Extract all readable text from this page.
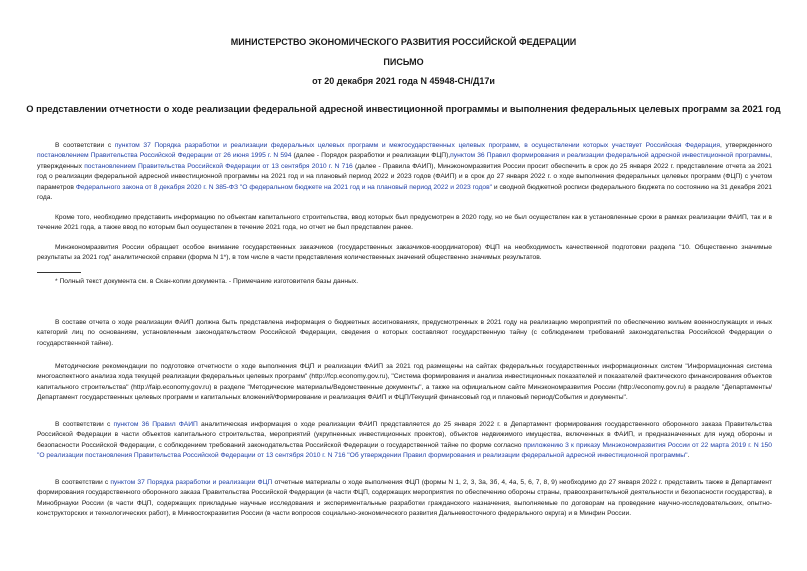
МИНИСТЕРСТВО ЭКОНОМИЧЕСКОГО РАЗВИТИЯ РОССИЙСКОЙ ФЕДЕРАЦИИ
ПИСЬМО
от 20 декабря 2021 года N 45948-СН/Д17и
О представлении отчетности о ходе реализации федеральной адресной инвестиционной программы и выполнения федеральных целевых программ за 2021 год

В соответствии с пунктом 37 Порядка разработки и реализации федеральных целевых программ и межгосударственных целевых программ, в осуществлении которых участвует Российская Федерация, утвержденного постановлением Правительства Российской Федерации от 26 июня 1995 г. N 594 (далее - Порядок разработки и реализации ФЦП),пунктом 36 Правил формирования и реализации федеральной адресной инвестиционной программы, утвержденных постановлением Правительства Российской Федерации от 13 сентября 2010 г. N 716 (далее - Правила ФАИП), Минэкономразвития России просит обеспечить в срок до 25 января 2022 г. представление отчета за 2021 год о реализации федеральной адресной инвестиционной программы на 2021 год и на плановый период 2022 и 2023 годов (ФАИП) и в срок до 27 января 2022 г. о ходе выполнения федеральных целевых программ (ФЦП) с учетом параметров Федерального закона от 8 декабря 2020 г. N 385-ФЗ "О федеральном бюджете на 2021 год и на плановый период 2022 и 2023 годов" и сводной бюджетной росписи федерального бюджета по состоянию на 31 декабря 2021 года.

Кроме того, необходимо представить информацию по объектам капитального строительства, ввод которых был предусмотрен в 2020 году, но не был осуществлен как в установленные сроки в рамках реализации ФАИП, так и в течение 2021 года, а также ввод по которым был осуществлен в течение 2021 года, но отчет не был представлен ранее.

Минэкономразвития России обращает особое внимание государственных заказчиков (государственных заказчиков-координаторов) ФЦП на необходимость качественной подготовки раздела "10. Общественно значимые результаты за 2021 год" аналитической справки (форма N 1*), в том числе в части представления количественных значений общественно значимых результатов.

* Полный текст документа см. в Скан-копии документа. - Примечание изготовителя базы данных.

В составе отчета о ходе реализации ФАИП должна быть представлена информация о бюджетных ассигнованиях, предусмотренных в 2021 году на реализацию мероприятий по обеспечению жильем военнослужащих и иных категорий лиц по основаниям, установленным законодательством Российской Федерации, сведения о которых составляют государственную тайну (с соблюдением требований законодательства Российской Федерации о государственной тайне).

Методические рекомендации по подготовке отчетности о ходе выполнения ФЦП и реализации ФАИП за 2021 год размещены на сайтах федеральных государственных информационных систем "Информационная система многоаспектного анализа хода текущей реализации федеральных целевых программ" (http://fcp.economy.gov.ru), "Система формирования и анализа инвестиционных показателей и показателей фактического финансирования объектов капитального строительства" (http://faip.economy.gov.ru) в разделе "Методические материалы/Ведомственные документы", а также на официальном сайте Минэкономразвития России (http://economy.gov.ru) в разделе "Департаменты/Департамент государственных целевых программ и капитальных вложений/Формирование и реализация ФАИП и ФЦП/Текущий финансовый год и плановый период/События и документы".

В соответствии с пунктом 36 Правил ФАИП аналитическая информация о ходе реализации ФАИП представляется до 25 января 2022 г. в Департамент формирования государственного оборонного заказа Правительства Российской Федерации в части объектов капитального строительства, мероприятий (укрупненных инвестиционных проектов), объектов недвижимого имущества, включенных в ФАИП, и предназначенных для нужд обороны и безопасности Российской Федерации, с соблюдением требований законодательства Российской Федерации о государственной тайне по форме согласно приложению 3 к приказу Минэкономразвития России от 22 марта 2019 г. N 150 "О реализации постановления Правительства Российской Федерации от 13 сентября 2010 г. N 716 "Об утверждении Правил формирования и реализации федеральной адресной инвестиционной программы".

В соответствии с пунктом 37 Порядка разработки и реализации ФЦП отчетные материалы о ходе выполнения ФЦП (формы N 1, 2, 3, 3а, 3б, 4, 4а, 5, 6, 7, 8, 9) необходимо до 27 января 2022 г. представить также в Департамент формирования государственного оборонного заказа Правительства Российской Федерации (в части ФЦП, содержащих мероприятия по обеспечению обороны страны, правоохранительной деятельности и безопасности государства), в Минобрнауки России (в части ФЦП, содержащих прикладные научные исследования и экспериментальные разработки гражданского назначения, выполняемые по договорам на проведение научно-исследовательских, опытно-конструкторских и технологических работ), в Минвостокразвития России (в части вопросов социально-экономического развития Дальневосточного федерального округа) и в Минфин России.
